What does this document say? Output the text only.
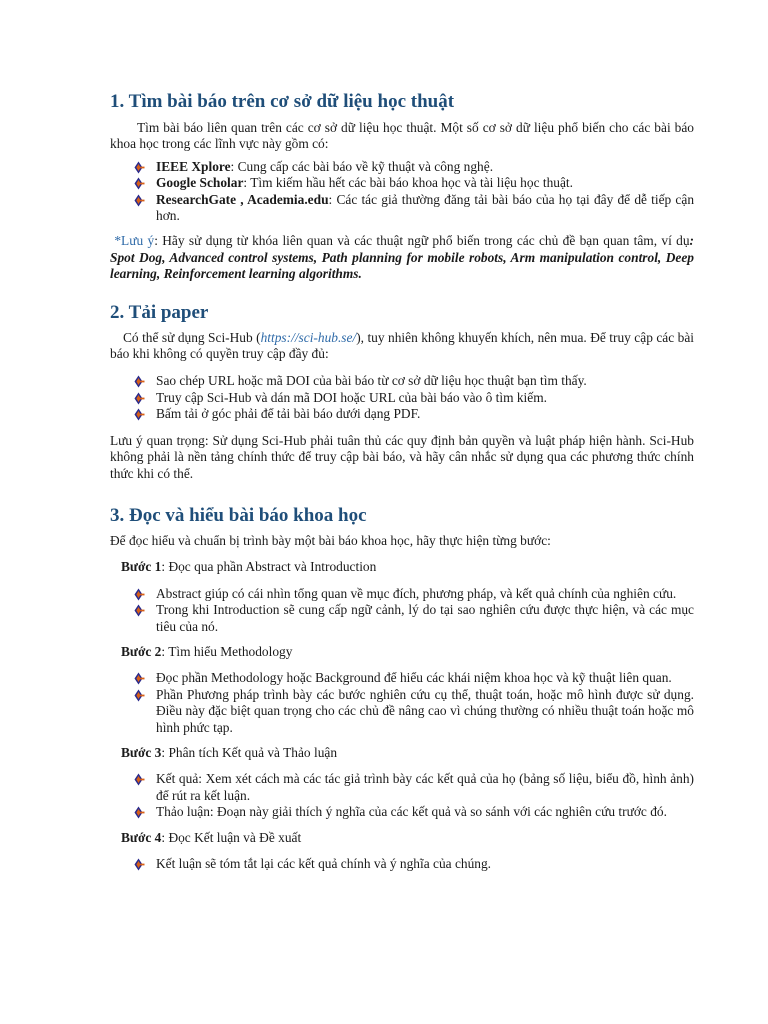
1. Tìm bài báo trên cơ sở dữ liệu học thuật

Tìm bài báo liên quan trên các cơ sở dữ liệu học thuật. Một số cơ sở dữ liệu phổ biến cho các bài báo khoa học trong các lĩnh vực này gồm có:

IEEE Xplore: Cung cấp các bài báo về kỹ thuật và công nghệ.
Google Scholar: Tìm kiếm hầu hết các bài báo khoa học và tài liệu học thuật.
ResearchGate , Academia.edu: Các tác giả thường đăng tải bài báo của họ tại đây để dễ tiếp cận hơn.

*Lưu ý: Hãy sử dụng từ khóa liên quan và các thuật ngữ phổ biến trong các chủ đề bạn quan tâm, ví dụ: Spot Dog, Advanced control systems, Path planning for mobile robots, Arm manipulation control, Deep learning, Reinforcement learning algorithms.

2. Tải paper

Có thể sử dụng Sci-Hub (https://sci-hub.se/), tuy nhiên không khuyến khích, nên mua. Để truy cập các bài báo khi không có quyền truy cập đầy đủ:

Sao chép URL hoặc mã DOI của bài báo từ cơ sở dữ liệu học thuật bạn tìm thấy.
Truy cập Sci-Hub và dán mã DOI hoặc URL của bài báo vào ô tìm kiếm.
Bấm tải ở góc phải để tải bài báo dưới dạng PDF.

Lưu ý quan trọng: Sử dụng Sci-Hub phải tuân thủ các quy định bản quyền và luật pháp hiện hành. Sci-Hub không phải là nền tảng chính thức để truy cập bài báo, và hãy cân nhắc sử dụng qua các phương thức chính thức khi có thể.

3. Đọc và hiểu bài báo khoa học

Để đọc hiểu và chuẩn bị trình bày một bài báo khoa học, hãy thực hiện từng bước:

Bước 1: Đọc qua phần Abstract và Introduction

Abstract giúp có cái nhìn tổng quan về mục đích, phương pháp, và kết quả chính của nghiên cứu.
Trong khi Introduction sẽ cung cấp ngữ cảnh, lý do tại sao nghiên cứu được thực hiện, và các mục tiêu của nó.

Bước 2: Tìm hiểu Methodology

Đọc phần Methodology hoặc Background để hiểu các khái niệm khoa học và kỹ thuật liên quan.
Phần Phương pháp trình bày các bước nghiên cứu cụ thể, thuật toán, hoặc mô hình được sử dụng. Điều này đặc biệt quan trọng cho các chủ đề nâng cao vì chúng thường có nhiều thuật toán hoặc mô hình phức tạp.

Bước 3: Phân tích Kết quả và Thảo luận

Kết quả: Xem xét cách mà các tác giả trình bày các kết quả của họ (bảng số liệu, biểu đồ, hình ảnh) để rút ra kết luận.
Thảo luận: Đoạn này giải thích ý nghĩa của các kết quả và so sánh với các nghiên cứu trước đó.

Bước 4: Đọc Kết luận và Đề xuất

Kết luận sẽ tóm tắt lại các kết quả chính và ý nghĩa của chúng.
